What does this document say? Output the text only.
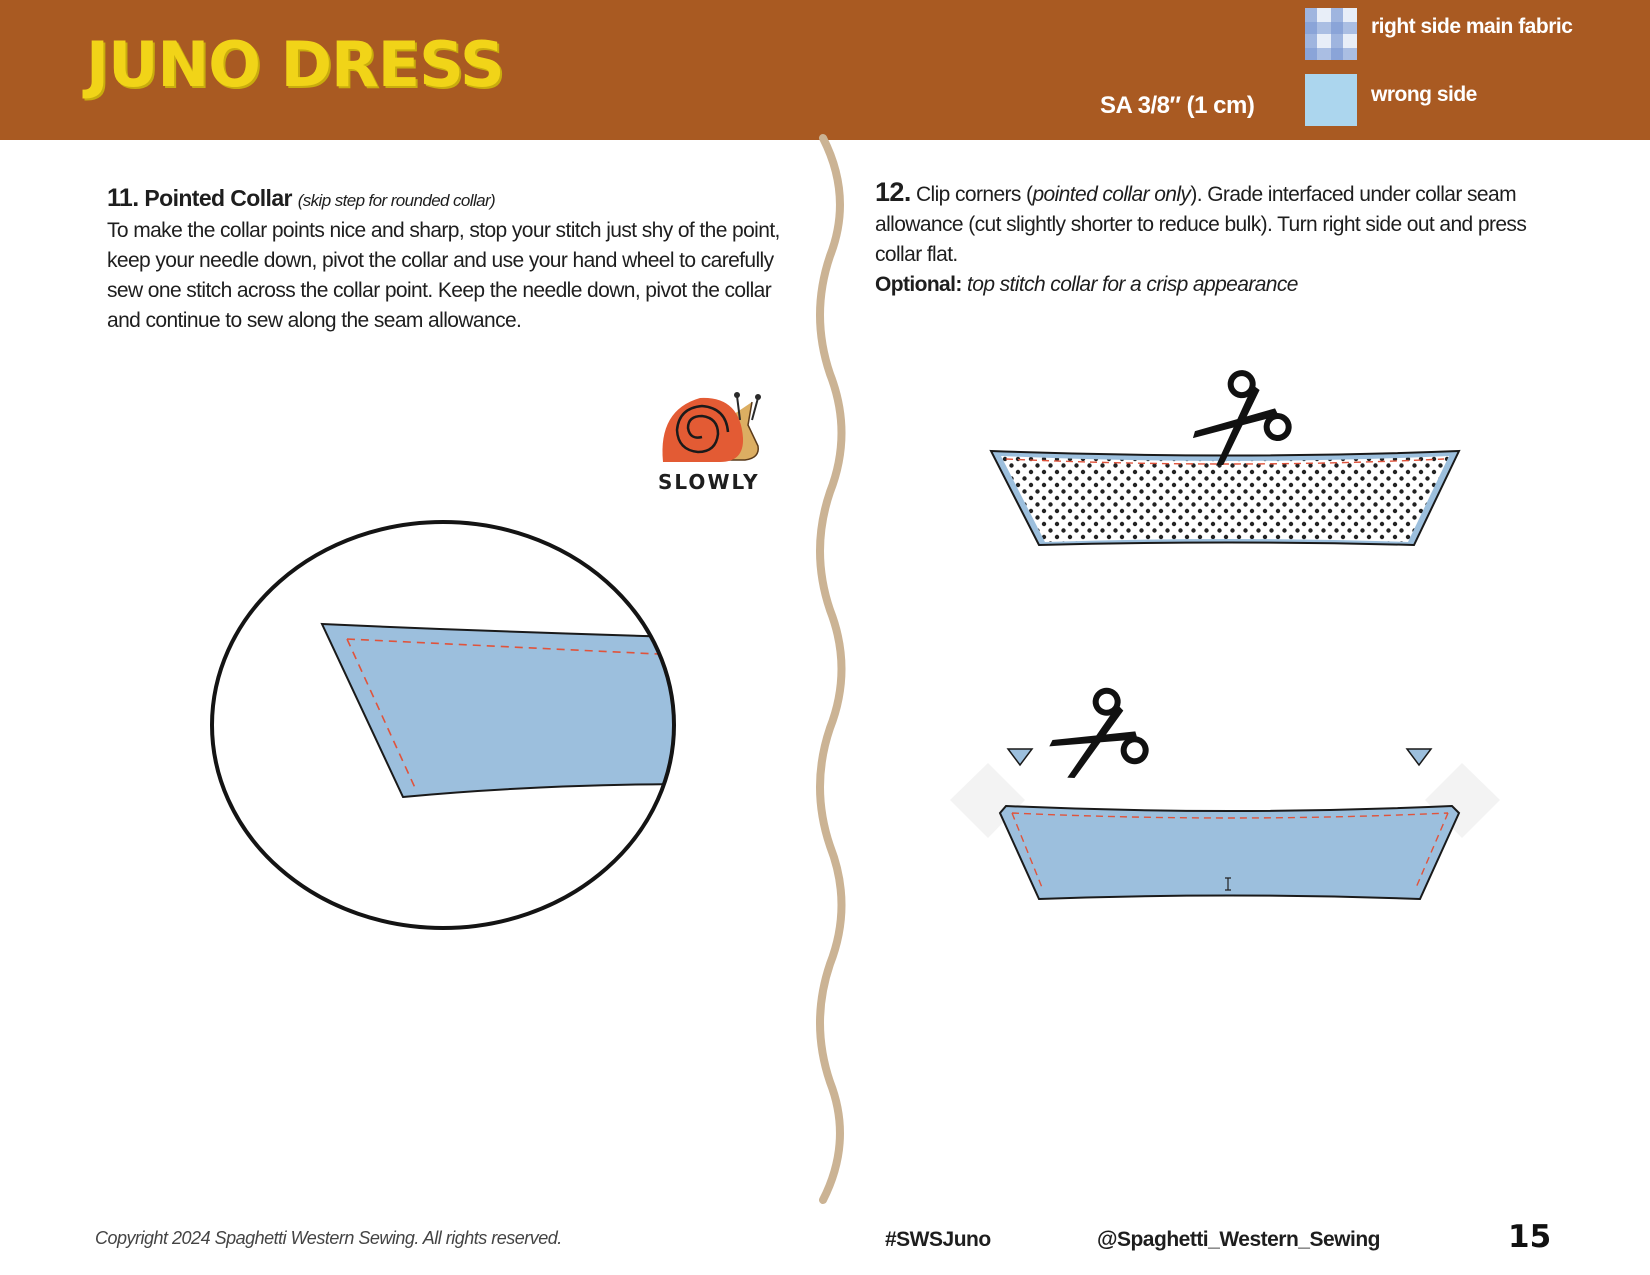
JUNO DRESS
SA 3/8″ (1 cm)
right side main fabric
wrong side
SLOWLY
11. Pointed Collar (skip step for rounded collar)
To make the collar points nice and sharp, stop your stitch just shy of the point, keep your needle down, pivot the collar and use your hand wheel to carefully sew one stitch across the collar point. Keep the needle down, pivot the collar and continue to sew along the seam allowance.
12. Clip corners (pointed collar only). Grade interfaced under collar seam allowance (cut slightly shorter to reduce bulk). Turn right side out and press collar flat.
Optional: top stitch collar for a crisp appearance
Copyright 2024 Spaghetti Western Sewing. All rights reserved.	#SWSJuno	@Spaghetti_Western_Sewing	15
